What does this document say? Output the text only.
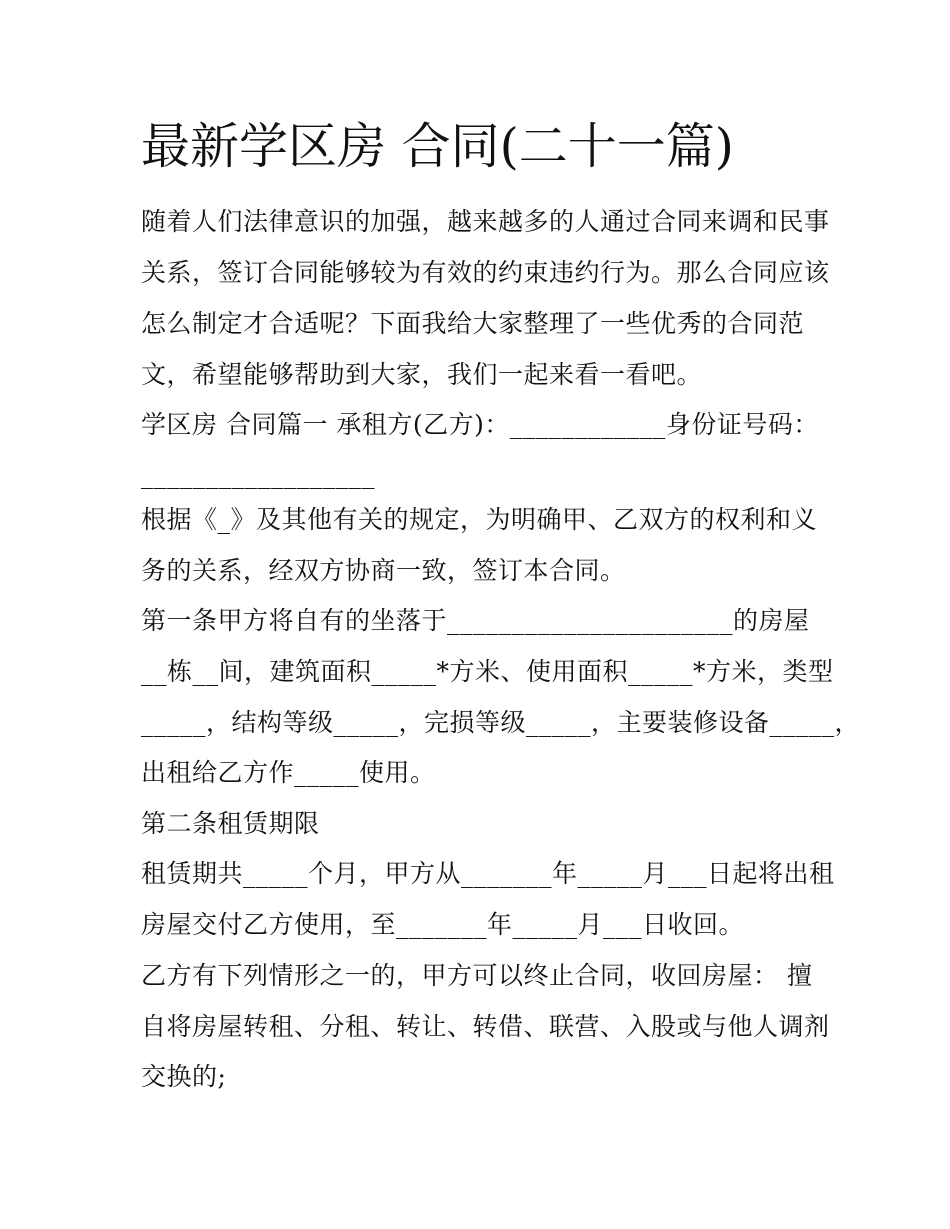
最新学区房 合同(二十一篇)

随着人们法律意识的加强，越来越多的人通过合同来调和民事

关系，签订合同能够较为有效的约束违约行为。那么合同应该

怎么制定才合适呢？下面我给大家整理了一些优秀的合同范

文，希望能够帮助到大家，我们一起来看一看吧。

学区房 合同篇一 承租方(乙方)：____________身份证号码：

__________________

根据《_》及其他有关的规定，为明确甲、乙双方的权利和义

务的关系，经双方协商一致，签订本合同。

第一条甲方将自有的坐落于______________________的房屋

__栋__间，建筑面积_____*方米、使用面积_____*方米，类型

_____，结构等级_____，完损等级_____，主要装修设备_____，

出租给乙方作_____使用。

第二条租赁期限

租赁期共_____个月，甲方从_______年_____月___日起将出租

房屋交付乙方使用，至_______年_____月___日收回。

乙方有下列情形之一的，甲方可以终止合同，收回房屋： 擅

自将房屋转租、分租、转让、转借、联营、入股或与他人调剂

交换的;
